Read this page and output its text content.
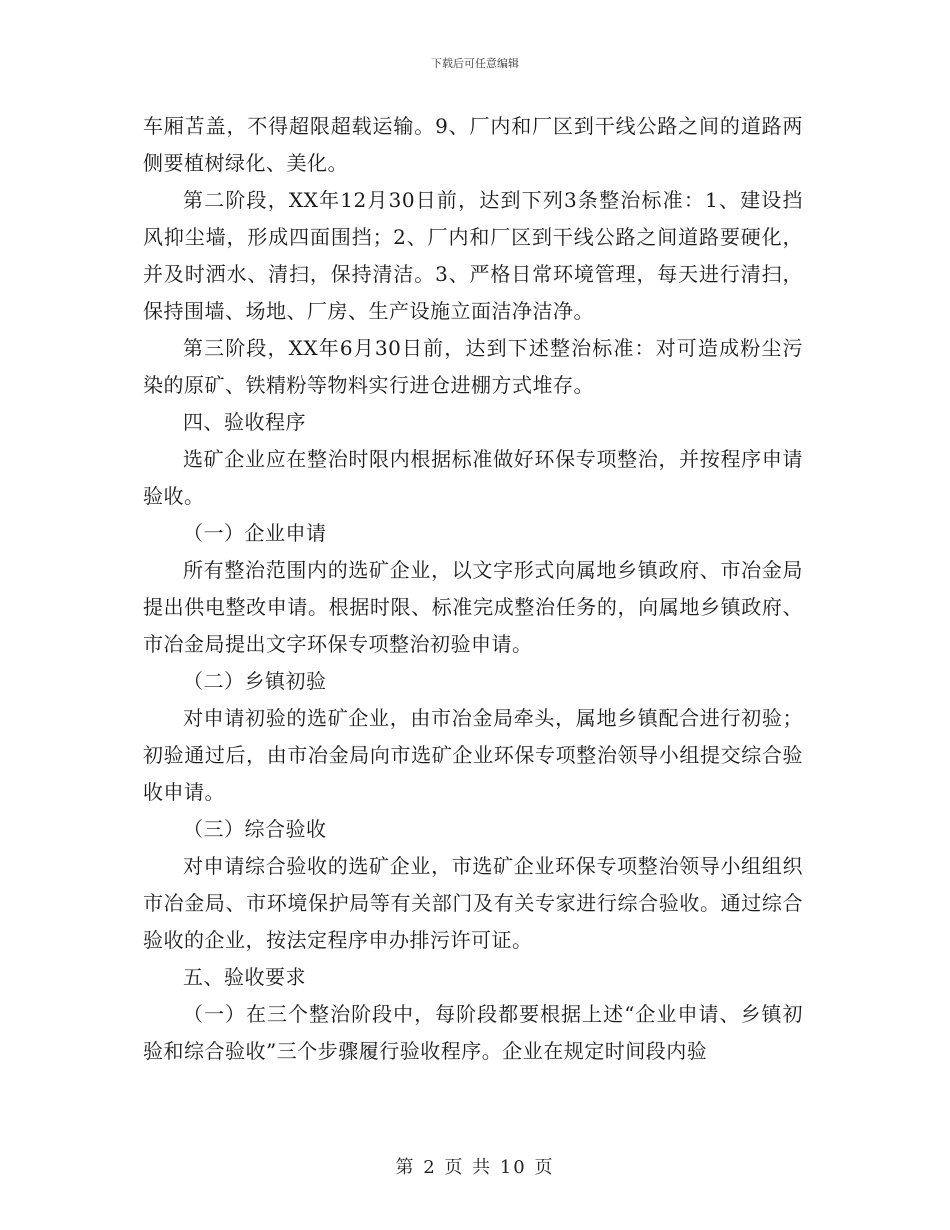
下载后可任意编辑

车厢苫盖，不得超限超载运输。9、厂内和厂区到干线公路之间的道路两侧要植树绿化、美化。

第二阶段，XX年12月30日前，达到下列3条整治标准：1、建设挡风抑尘墙，形成四面围挡；2、厂内和厂区到干线公路之间道路要硬化，并及时洒水、清扫，保持清洁。3、严格日常环境管理，每天进行清扫，保持围墙、场地、厂房、生产设施立面洁净洁净。

第三阶段，XX年6月30日前，达到下述整治标准：对可造成粉尘污染的原矿、铁精粉等物料实行进仓进棚方式堆存。

四、验收程序

选矿企业应在整治时限内根据标准做好环保专项整治，并按程序申请验收。

（一）企业申请

所有整治范围内的选矿企业，以文字形式向属地乡镇政府、市冶金局提出供电整改申请。根据时限、标准完成整治任务的，向属地乡镇政府、市冶金局提出文字环保专项整治初验申请。

（二）乡镇初验

对申请初验的选矿企业，由市冶金局牵头，属地乡镇配合进行初验；初验通过后，由市冶金局向市选矿企业环保专项整治领导小组提交综合验收申请。

（三）综合验收

对申请综合验收的选矿企业，市选矿企业环保专项整治领导小组组织市冶金局、市环境保护局等有关部门及有关专家进行综合验收。通过综合验收的企业，按法定程序申办排污许可证。

五、验收要求

（一）在三个整治阶段中，每阶段都要根据上述“企业申请、乡镇初验和综合验收”三个步骤履行验收程序。企业在规定时间段内验

第 2 页 共 10 页
